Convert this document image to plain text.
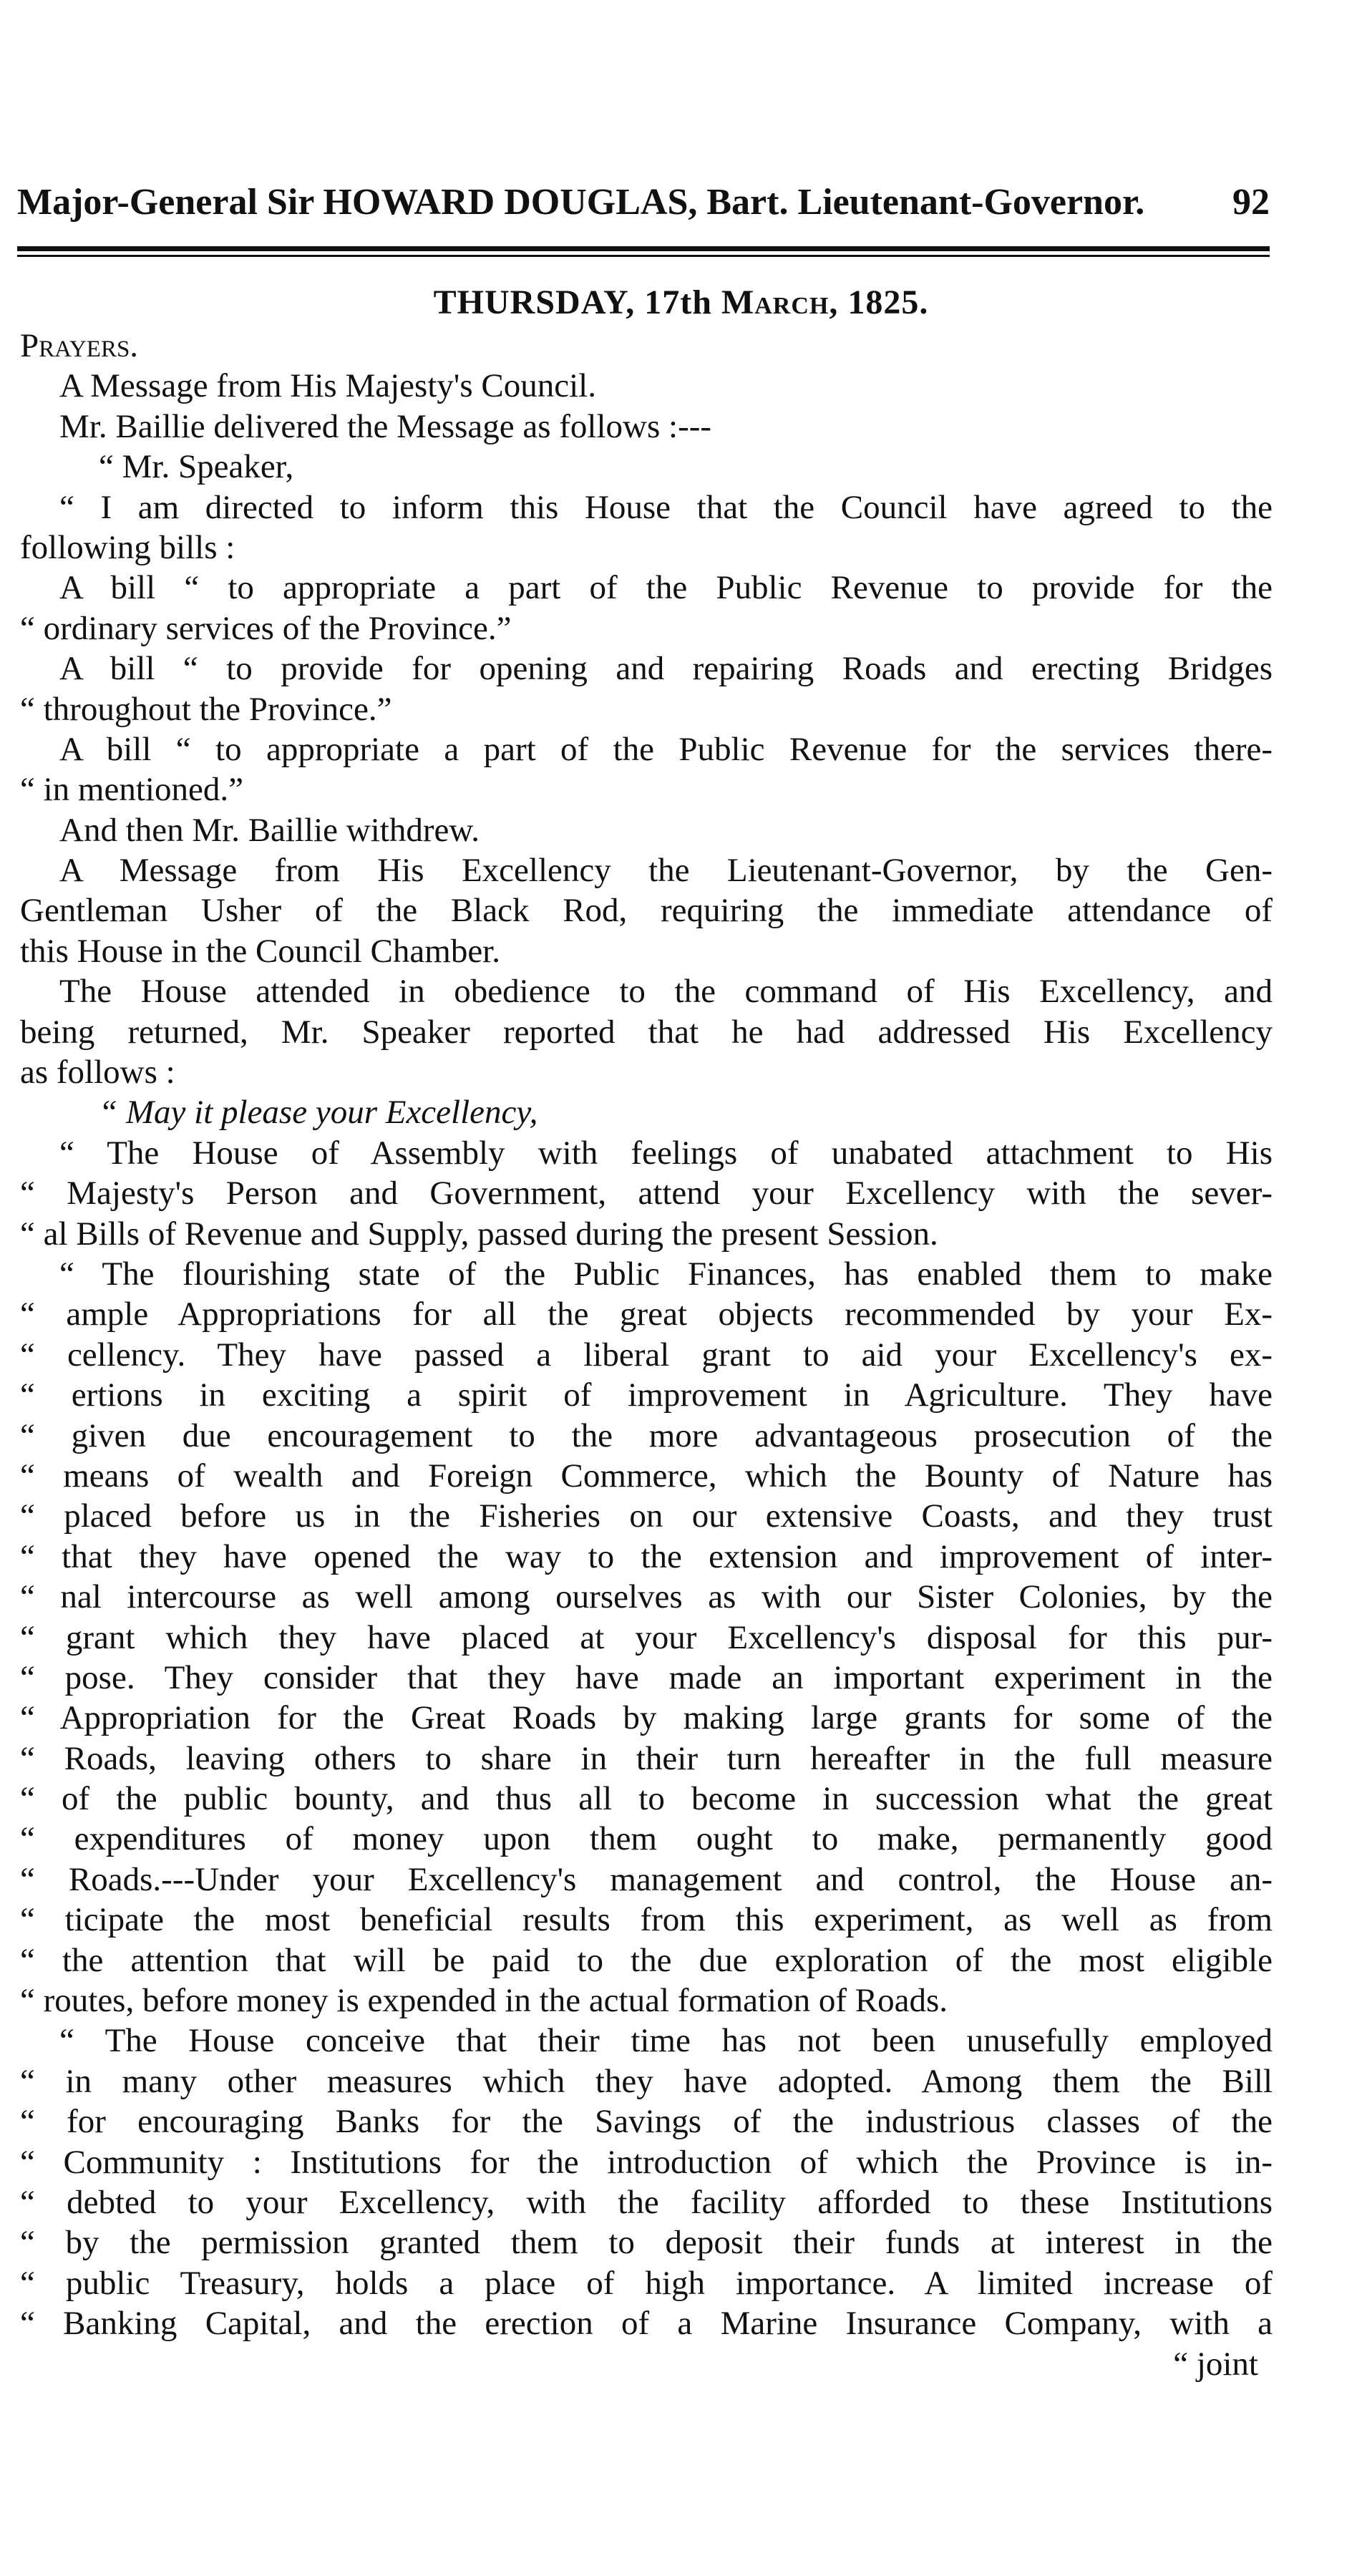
Major-General Sir HOWARD DOUGLAS, Bart. Lieutenant-Governor. 92
THURSDAY, 17th March, 1825.
Prayers.
A Message from His Majesty's Council.
Mr. Baillie delivered the Message as follows :---
“ Mr. Speaker,
“ I am directed to inform this House that the Council have agreed to the
following bills :
A bill “ to appropriate a part of the Public Revenue to provide for the
“ ordinary services of the Province.”
A bill “ to provide for opening and repairing Roads and erecting Bridges
“ throughout the Province.”
A bill “ to appropriate a part of the Public Revenue for the services there-
“ in mentioned.”
And then Mr. Baillie withdrew.
A Message from His Excellency the Lieutenant-Governor, by the Gen-
Gentleman Usher of the Black Rod, requiring the immediate attendance of
this House in the Council Chamber.
The House attended in obedience to the command of His Excellency, and
being returned, Mr. Speaker reported that he had addressed His Excellency
as follows :
“ May it please your Excellency,
“ The House of Assembly with feelings of unabated attachment to His
“ Majesty's Person and Government, attend your Excellency with the sever-
“ al Bills of Revenue and Supply, passed during the present Session.
“ The flourishing state of the Public Finances, has enabled them to make
“ ample Appropriations for all the great objects recommended by your Ex-
“ cellency. They have passed a liberal grant to aid your Excellency's ex-
“ ertions in exciting a spirit of improvement in Agriculture. They have
“ given due encouragement to the more advantageous prosecution of the
“ means of wealth and Foreign Commerce, which the Bounty of Nature has
“ placed before us in the Fisheries on our extensive Coasts, and they trust
“ that they have opened the way to the extension and improvement of inter-
“ nal intercourse as well among ourselves as with our Sister Colonies, by the
“ grant which they have placed at your Excellency's disposal for this pur-
“ pose. They consider that they have made an important experiment in the
“ Appropriation for the Great Roads by making large grants for some of the
“ Roads, leaving others to share in their turn hereafter in the full measure
“ of the public bounty, and thus all to become in succession what the great
“ expenditures of money upon them ought to make, permanently good
“ Roads.---Under your Excellency's management and control, the House an-
“ ticipate the most beneficial results from this experiment, as well as from
“ the attention that will be paid to the due exploration of the most eligible
“ routes, before money is expended in the actual formation of Roads.
“ The House conceive that their time has not been unusefully employed
“ in many other measures which they have adopted. Among them the Bill
“ for encouraging Banks for the Savings of the industrious classes of the
“ Community : Institutions for the introduction of which the Province is in-
“ debted to your Excellency, with the facility afforded to these Institutions
“ by the permission granted them to deposit their funds at interest in the
“ public Treasury, holds a place of high importance. A limited increase of
“ Banking Capital, and the erection of a Marine Insurance Company, with a
“ joint
